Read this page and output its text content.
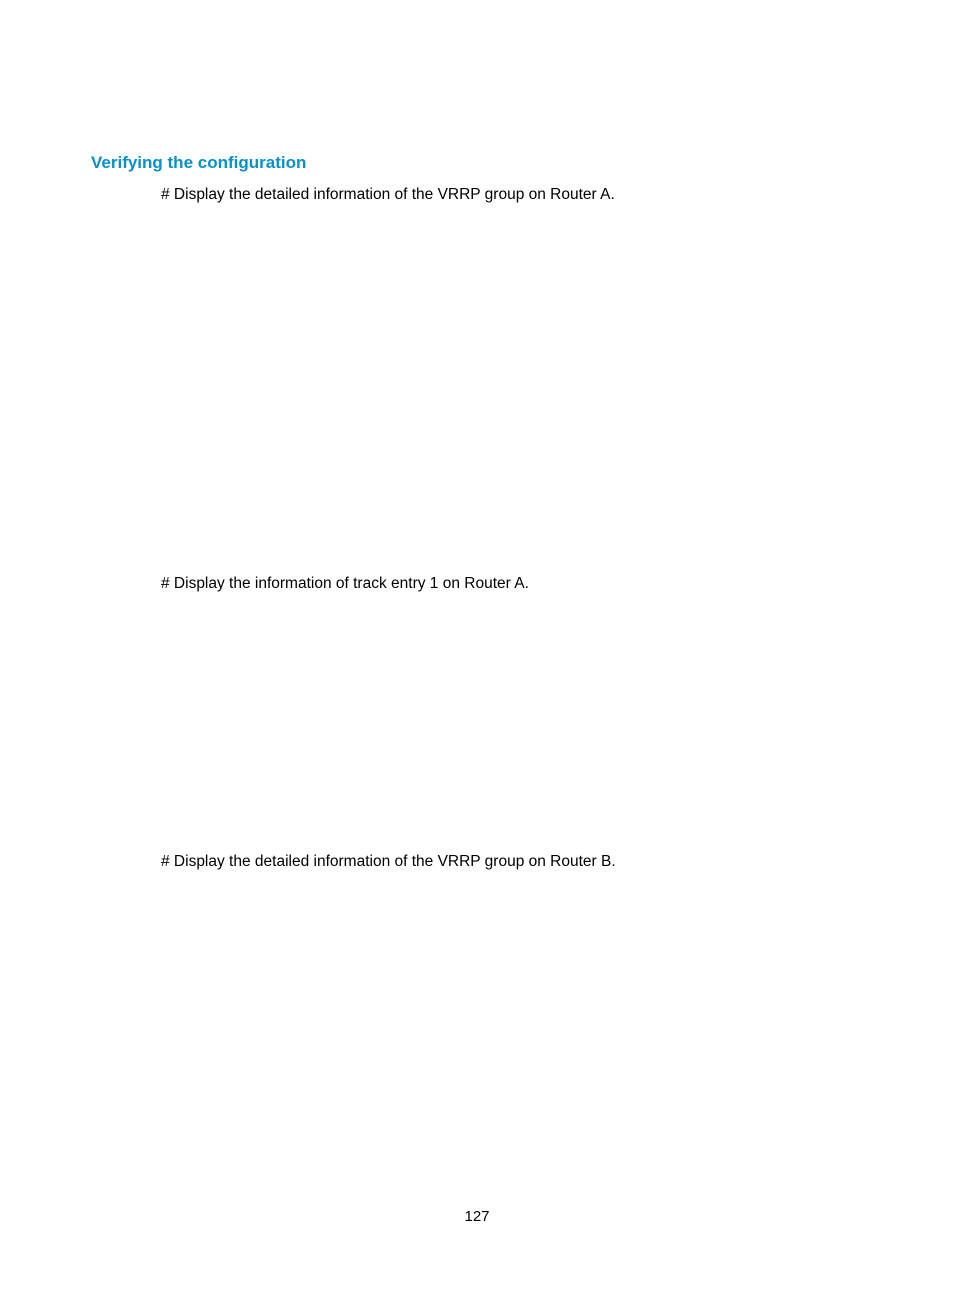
Verifying the configuration

# Display the detailed information of the VRRP group on Router A.

# Display the information of track entry 1 on Router A.

# Display the detailed information of the VRRP group on Router B.

127
